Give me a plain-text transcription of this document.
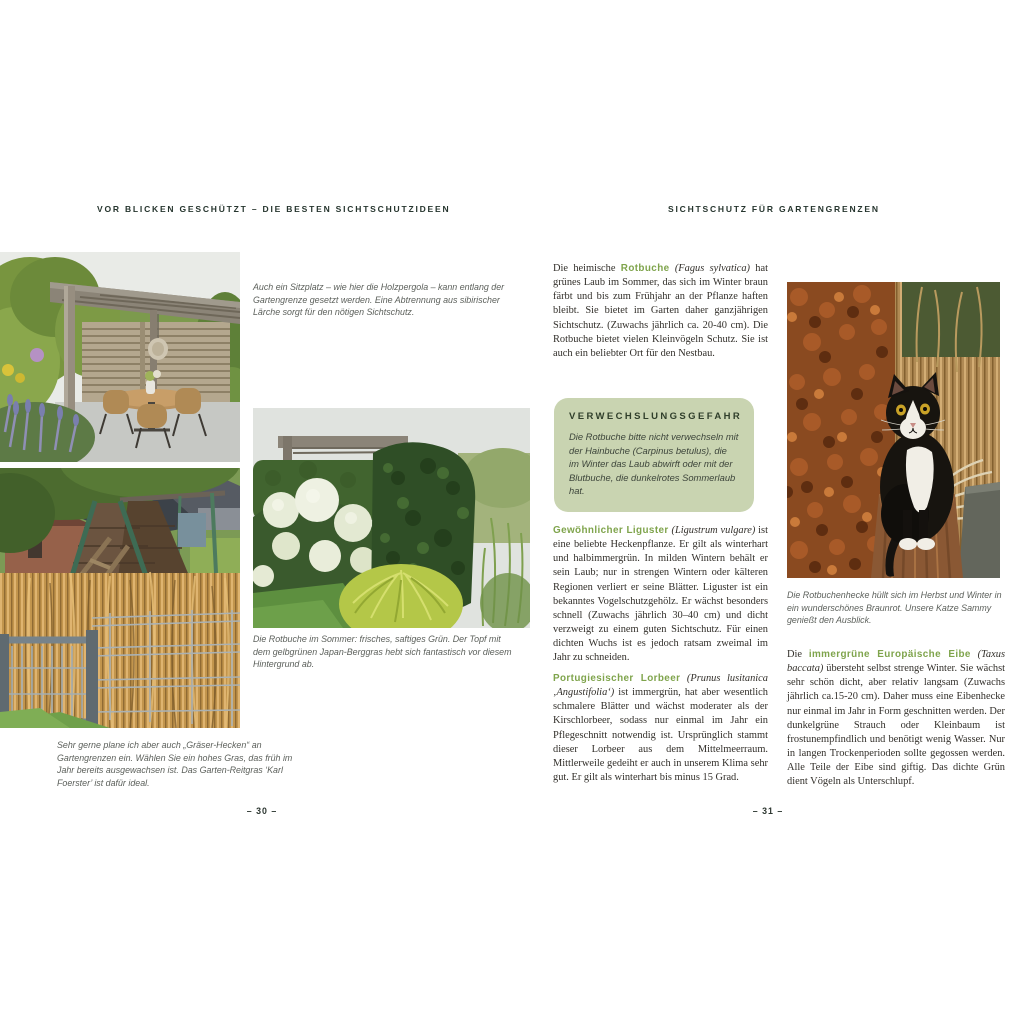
VOR BLICKEN GESCHÜTZT – DIE BESTEN SICHTSCHUTZIDEEN	SICHTSCHUTZ FÜR GARTENGRENZEN
Auch ein Sitzplatz – wie hier die Holzpergola – kann entlang der Gartengrenze gesetzt werden. Eine Abtrennung aus sibirischer Lärche sorgt für den nötigen Sichtschutz.
Die Rotbuche im Sommer: frisches, saftiges Grün. Der Topf mit dem gelbgrünen Japan-Berggras hebt sich fantastisch vor diesem Hintergrund ab.
Sehr gerne plane ich aber auch „Gräser-Hecken“ an Gartengrenzen ein. Wählen Sie ein hohes Gras, das früh im Jahr bereits ausgewachsen ist. Das Garten-Reitgras ‘Karl Foerster’ ist dafür ideal.
– 30 –

Die heimische Rotbuche (Fagus sylvatica) hat grünes Laub im Sommer, das sich im Winter braun färbt und bis zum Frühjahr an der Pflanze haften bleibt. Sie bietet im Garten daher ganzjährigen Sichtschutz. (Zuwachs jährlich ca. 20-40 cm). Die Rotbuche bietet vielen Kleinvögeln Schutz. Sie ist auch ein beliebter Ort für den Nestbau.

VERWECHSLUNGSGEFAHR
Die Rotbuche bitte nicht verwechseln mit der Hainbuche (Carpinus betulus), die im Winter das Laub abwirft oder mit der Blutbuche, die dunkelrotes Sommerlaub hat.

Gewöhnlicher Liguster (Ligustrum vulgare) ist eine beliebte Heckenpflanze. Er gilt als winterhart und halbimmergrün. In milden Wintern behält er sein Laub; nur in strengen Wintern oder kälteren Regionen verliert er seine Blätter. Liguster ist ein bekanntes Vogelschutzgehölz. Er wächst besonders schnell (Zuwachs jährlich 30–40 cm) und dicht verzweigt zu einem guten Sichtschutz. Für einen dichten Wuchs ist es jedoch ratsam zweimal im Jahr zu schneiden.

Portugiesischer Lorbeer (Prunus lusitanica ‚Angustifolia‘) ist immergrün, hat aber wesentlich schmalere Blätter und wächst moderater als der Kirschlorbeer, sodass nur einmal im Jahr ein Pflegeschnitt notwendig ist. Ursprünglich stammt dieser Lorbeer aus dem Mittelmeerraum. Mittlerweile gedeiht er auch in unserem Klima sehr gut. Er gilt als winterhart bis minus 15 Grad.

Die Rotbuchenhecke hüllt sich im Herbst und Winter in ein wunderschönes Braunrot. Unsere Katze Sammy genießt den Ausblick.

Die immergrüne Europäische Eibe (Taxus baccata) übersteht selbst strenge Winter. Sie wächst sehr schön dicht, aber relativ langsam (Zuwachs jährlich ca.15-20 cm). Daher muss eine Eibenhecke nur einmal im Jahr in Form geschnitten werden. Der dunkelgrüne Strauch oder Kleinbaum ist frostunempfindlich und benötigt wenig Wasser. Nur in langen Trockenperioden sollte gegossen werden. Alle Teile der Eibe sind giftig. Das dichte Grün dient Vögeln als Unterschlupf.

– 31 –
